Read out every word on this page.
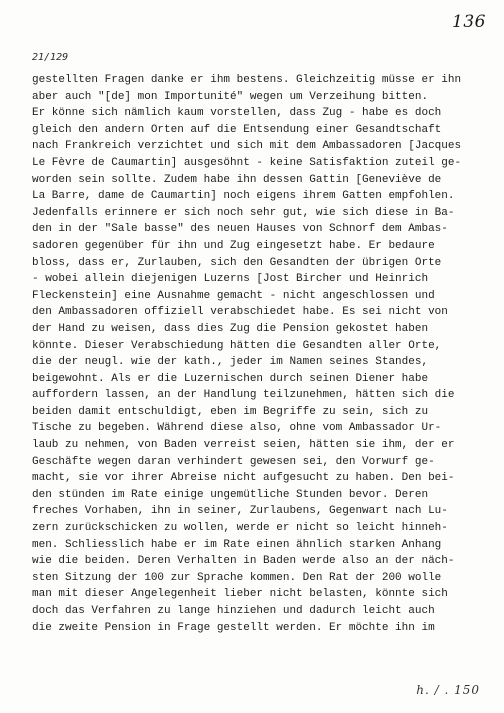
136
21/129
gestellten Fragen danke er ihm bestens. Gleichzeitig müsse er ihn
aber auch "[de] mon Importunité" wegen um Verzeihung bitten.
Er könne sich nämlich kaum vorstellen, dass Zug - habe es doch
gleich den andern Orten auf die Entsendung einer Gesandtschaft
nach Frankreich verzichtet und sich mit dem Ambassadoren [Jacques
Le Fèvre de Caumartin] ausgesöhnt - keine Satisfaktion zuteil ge-
worden sein sollte. Zudem habe ihn dessen Gattin [Geneviève de
La Barre, dame de Caumartin] noch eigens ihrem Gatten empfohlen.
Jedenfalls erinnere er sich noch sehr gut, wie sich diese in Ba-
den in der "Sale basse" des neuen Hauses von Schnorf dem Ambas-
sadoren gegenüber für ihn und Zug eingesetzt habe. Er bedaure
bloss, dass er, Zurlauben, sich den Gesandten der übrigen Orte
- wobei allein diejenigen Luzerns [Jost Bircher und Heinrich
Fleckenstein] eine Ausnahme gemacht - nicht angeschlossen und
den Ambassadoren offiziell verabschiedet habe. Es sei nicht von
der Hand zu weisen, dass dies Zug die Pension gekostet haben
könnte. Dieser Verabschiedung hätten die Gesandten aller Orte,
die der neugl. wie der kath., jeder im Namen seines Standes,
beigewohnt. Als er die Luzernischen durch seinen Diener habe
auffordern lassen, an der Handlung teilzunehmen, hätten sich die
beiden damit entschuldigt, eben im Begriffe zu sein, sich zu
Tische zu begeben. Während diese also, ohne vom Ambassador Ur-
laub zu nehmen, von Baden verreist seien, hätten sie ihm, der er
Geschäfte wegen daran verhindert gewesen sei, den Vorwurf ge-
macht, sie vor ihrer Abreise nicht aufgesucht zu haben. Den bei-
den stünden im Rate einige ungemütliche Stunden bevor. Deren
freches Vorhaben, ihn in seiner, Zurlaubens, Gegenwart nach Lu-
zern zurückschicken zu wollen, werde er nicht so leicht hinneh-
men. Schliesslich habe er im Rate einen ähnlich starken Anhang
wie die beiden. Deren Verhalten in Baden werde also an der näch-
sten Sitzung der 100 zur Sprache kommen. Den Rat der 200 wolle
man mit dieser Angelegenheit lieber nicht belasten, könnte sich
doch das Verfahren zu lange hinziehen und dadurch leicht auch
die zweite Pension in Frage gestellt werden. Er möchte ihn im
h. / . 150
